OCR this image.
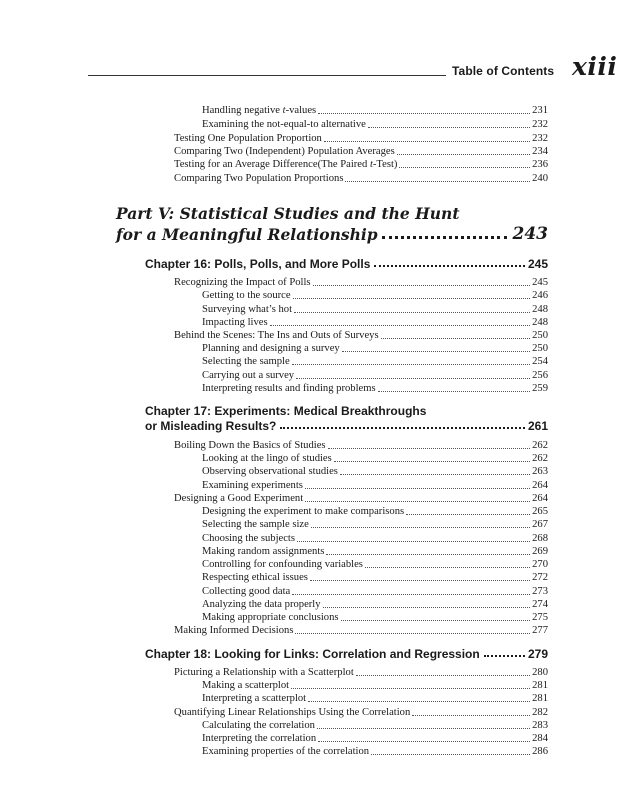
Table of Contents xiii
Handling negative t-values	231
Examining the not-equal-to alternative	232
Testing One Population Proportion	232
Comparing Two (Independent) Population Averages	234
Testing for an Average Difference(The Paired t-Test)	236
Comparing Two Population Proportions	240
Part V: Statistical Studies and the Hunt
for a Meaningful Relationship	243
Chapter 16: Polls, Polls, and More Polls	245
Recognizing the Impact of Polls	245
Getting to the source	246
Surveying what’s hot	248
Impacting lives	248
Behind the Scenes: The Ins and Outs of Surveys	250
Planning and designing a survey	250
Selecting the sample	254
Carrying out a survey	256
Interpreting results and finding problems	259
Chapter 17: Experiments: Medical Breakthroughs
or Misleading Results?	261
Boiling Down the Basics of Studies	262
Looking at the lingo of studies	262
Observing observational studies	263
Examining experiments	264
Designing a Good Experiment	264
Designing the experiment to make comparisons	265
Selecting the sample size	267
Choosing the subjects	268
Making random assignments	269
Controlling for confounding variables	270
Respecting ethical issues	272
Collecting good data	273
Analyzing the data properly	274
Making appropriate conclusions	275
Making Informed Decisions	277
Chapter 18: Looking for Links: Correlation and Regression	279
Picturing a Relationship with a Scatterplot	280
Making a scatterplot	281
Interpreting a scatterplot	281
Quantifying Linear Relationships Using the Correlation	282
Calculating the correlation	283
Interpreting the correlation	284
Examining properties of the correlation	286
